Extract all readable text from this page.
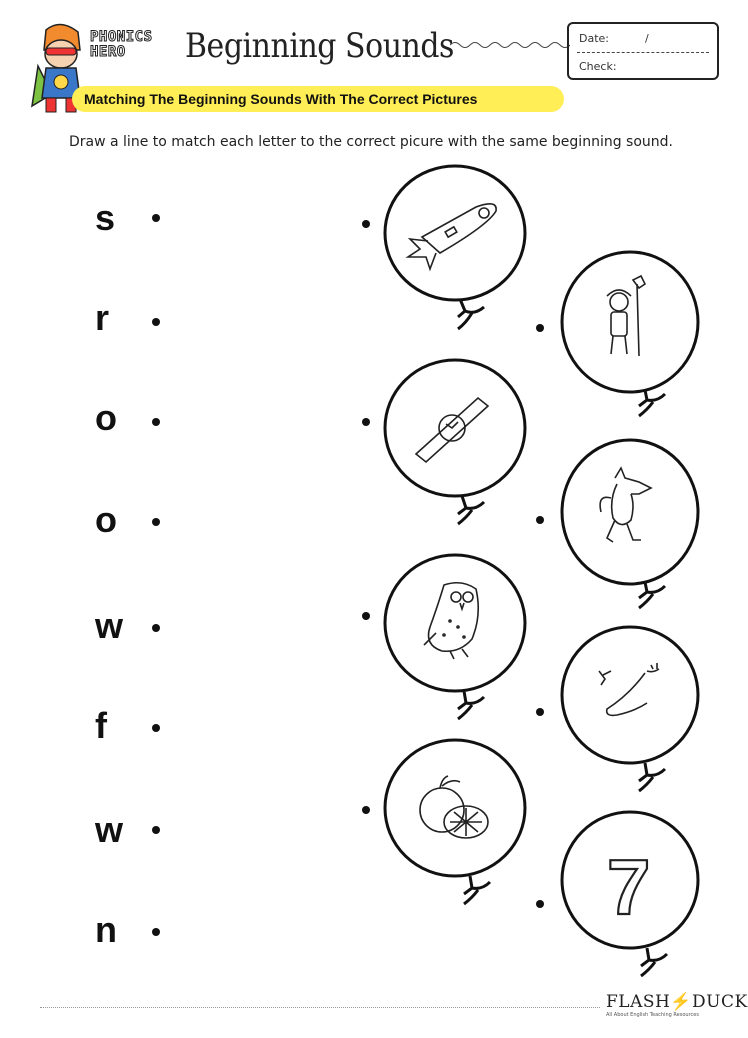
PHONICS
HERO	Beginning Sounds	Date:	/
Check:
Matching The Beginning Sounds With The Correct Pictures
Draw a line to match each letter to the correct picure with the same beginning sound.
s
r
o
o
w
f
w
n	7
FLASH⚡DUCK
All About English Teaching Resources
